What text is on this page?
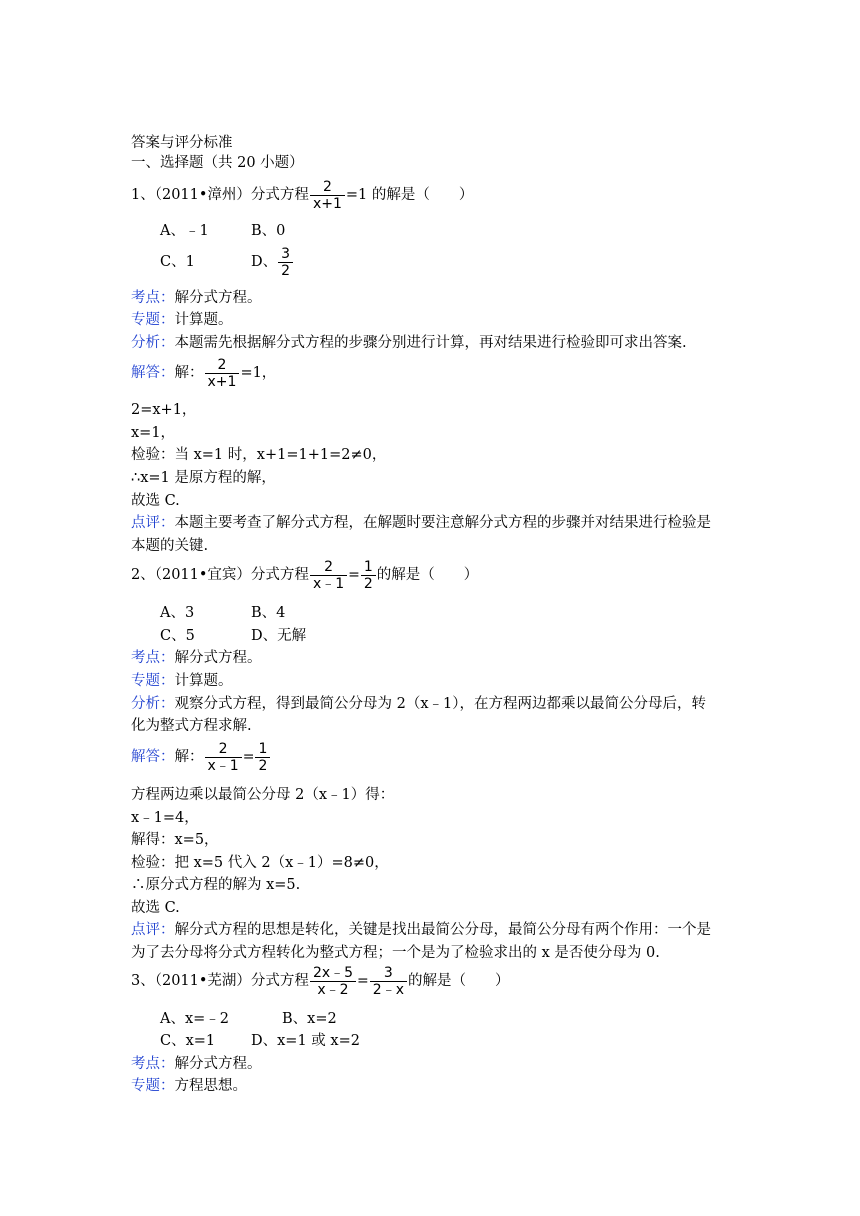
答案与评分标准
一、选择题（共 20 小题）
1、（2011•漳州）分式方程 $\frac{2}{x+1} =1$ 的解是（　　）
A、﹣1	B、0
C、1	D、 $\frac{3}{2}$
考点：解分式方程。
专题：计算题。
分析：本题需先根据解分式方程的步骤分别进行计算，再对结果进行检验即可求出答案.
解答：解： $\frac{2}{x+1} =1$，
2=x+1，
x=1，
检验：当 x=1 时，x+1=1+1=2≠0，
∴x=1 是原方程的解，
故选 C.
点评：本题主要考查了解分式方程，在解题时要注意解分式方程的步骤并对结果进行检验是
本题的关键.
2、（2011•宜宾）分式方程 $\frac{2}{x﹣1} = \frac{1}{2}$ 的解是（　　）
A、3	B、4
C、5	D、无解
考点：解分式方程。
专题：计算题。
分析：观察分式方程，得到最简公分母为 2（x﹣1），在方程两边都乘以最简公分母后，转
化为整式方程求解.
解答：解： $\frac{2}{x﹣1} = \frac{1}{2}$
方程两边乘以最简公分母 2（x﹣1）得：
x﹣1=4，
解得：x=5，
检验：把 x=5 代入 2（x﹣1）=8≠0，
∴原分式方程的解为 x=5.
故选 C.
点评：解分式方程的思想是转化，关键是找出最简公分母，最简公分母有两个作用：一个是
为了去分母将分式方程转化为整式方程；一个是为了检验求出的 x 是否使分母为 0.
3、（2011•芜湖）分式方程 $\frac{2x﹣5}{x﹣2} = \frac{3}{2﹣x}$ 的解是（　　）
A、x=﹣2	B、x=2
C、x=1 D、x=1 或 x=2
考点：解分式方程。
专题：方程思想。
